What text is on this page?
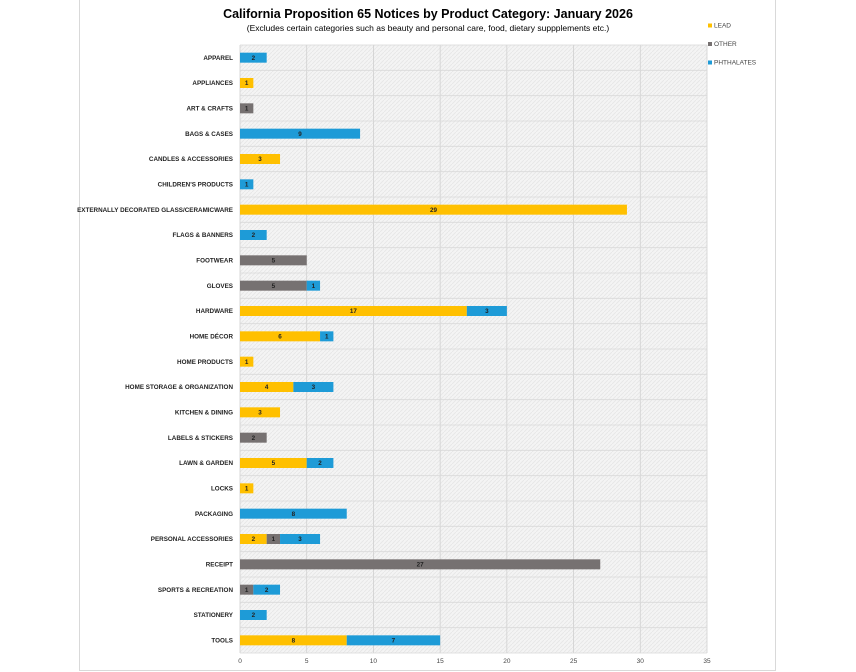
California Proposition 65 Notices by Product Category: January 2026
(Excludes certain categories such as beauty and personal care, food, dietary suppplements etc.)
2
1
1
9
3
1
29
2
5
5	1
17	3
6	1
1
4	3
3
2
5	2
1
8
2	1	3
27
1	2
2
8	7
APPAREL
APPLIANCES
ART & CRAFTS
BAGS & CASES
CANDLES & ACCESSORIES
CHILDREN'S PRODUCTS
EXTERNALLY DECORATED GLASS/CERAMICWARE
FLAGS & BANNERS
FOOTWEAR
GLOVES
HARDWARE
HOME DÉCOR
HOME PRODUCTS
HOME STORAGE & ORGANIZATION
KITCHEN & DINING
LABELS & STICKERS
LAWN & GARDEN
LOCKS
PACKAGING
PERSONAL ACCESSORIES
RECEIPT
SPORTS & RECREATION
STATIONERY
TOOLS
0	5	10	15	20	25	30	35
LEAD
OTHER
PHTHALATES
